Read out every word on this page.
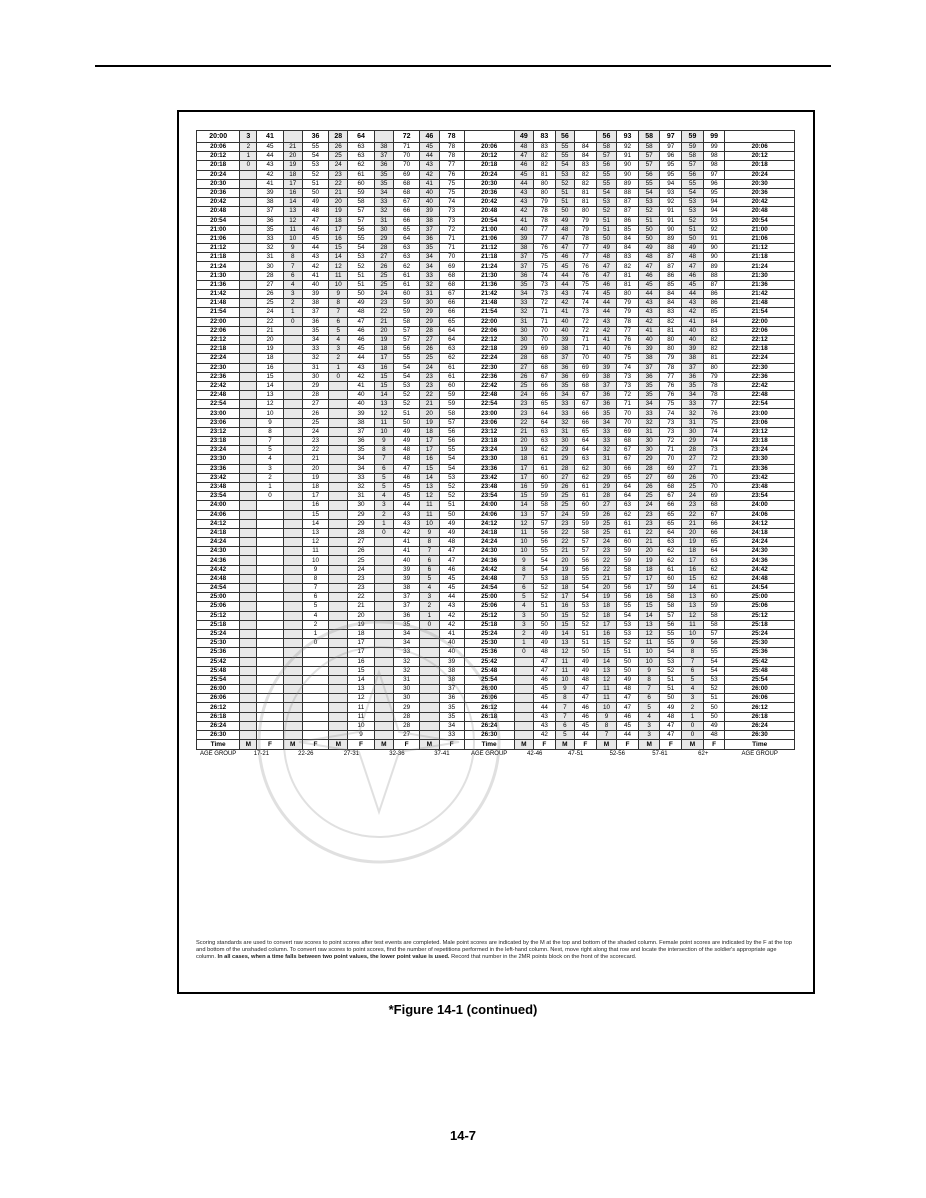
20:00	3	41		36	28	64		72	46	78		49	83	56		56	93	58	97	59	99	
20:06	2	45	21	55	26	63	38	71	45	78	20:06	48	83	55	84	58	92	58	97	59	99	20:06
20:12	1	44	20	54	25	63	37	70	44	78	20:12	47	82	55	84	57	91	57	96	58	98	20:12
20:18	0	43	19	53	24	62	36	70	43	77	20:18	46	82	54	83	56	90	57	95	57	98	20:18
20:24		42	18	52	23	61	35	69	42	76	20:24	45	81	53	82	55	90	56	95	56	97	20:24
20:30		41	17	51	22	60	35	68	41	75	20:30	44	80	52	82	55	89	55	94	55	96	20:30
20:36		39	16	50	21	59	34	68	40	75	20:36	43	80	51	81	54	88	54	93	54	95	20:36
20:42		38	14	49	20	58	33	67	40	74	20:42	43	79	51	81	53	87	53	92	53	94	20:42
20:48		37	13	48	19	57	32	66	39	73	20:48	42	78	50	80	52	87	52	91	53	94	20:48
20:54		36	12	47	18	57	31	66	38	73	20:54	41	78	49	79	51	86	51	91	52	93	20:54
21:00		35	11	46	17	56	30	65	37	72	21:00	40	77	48	79	51	85	50	90	51	92	21:00
21:06		33	10	45	16	55	29	64	36	71	21:06	39	77	47	78	50	84	50	89	50	91	21:06
21:12		32	9	44	15	54	28	63	35	71	21:12	38	76	47	77	49	84	49	88	49	90	21:12
21:18		31	8	43	14	53	27	63	34	70	21:18	37	75	46	77	48	83	48	87	48	90	21:18
21:24		30	7	42	12	52	26	62	34	69	21:24	37	75	45	76	47	82	47	87	47	89	21:24
21:30		28	6	41	11	51	25	61	33	68	21:30	36	74	44	76	47	81	46	86	46	88	21:30
21:36		27	4	40	10	51	25	61	32	68	21:36	35	73	44	75	46	81	45	85	45	87	21:36
21:42		26	3	39	9	50	24	60	31	67	21:42	34	73	43	74	45	80	44	84	44	86	21:42
21:48		25	2	38	8	49	23	59	30	66	21:48	33	72	42	74	44	79	43	84	43	86	21:48
21:54		24	1	37	7	48	22	59	29	66	21:54	32	71	41	73	44	79	43	83	42	85	21:54
22:00		22	0	36	6	47	21	58	29	65	22:00	31	71	40	72	43	78	42	82	41	84	22:00
22:06		21		35	5	46	20	57	28	64	22:06	30	70	40	72	42	77	41	81	40	83	22:06
22:12		20		34	4	46	19	57	27	64	22:12	30	70	39	71	41	76	40	80	40	82	22:12
22:18		19		33	3	45	18	56	26	63	22:18	29	69	38	71	40	76	39	80	39	82	22:18
22:24		18		32	2	44	17	55	25	62	22:24	28	68	37	70	40	75	38	79	38	81	22:24
22:30		16		31	1	43	16	54	24	61	22:30	27	68	36	69	39	74	37	78	37	80	22:30
22:36		15		30	0	42	15	54	23	61	22:36	26	67	36	69	38	73	36	77	36	79	22:36
22:42		14		29		41	15	53	23	60	22:42	25	66	35	68	37	73	35	76	35	78	22:42
22:48		13		28		40	14	52	22	59	22:48	24	66	34	67	36	72	35	76	34	78	22:48
22:54		12		27		40	13	52	21	59	22:54	23	65	33	67	36	71	34	75	33	77	22:54
23:00		10		26		39	12	51	20	58	23:00	23	64	33	66	35	70	33	74	32	76	23:00
23:06		9		25		38	11	50	19	57	23:06	22	64	32	66	34	70	32	73	31	75	23:06
23:12		8		24		37	10	49	18	56	23:12	21	63	31	65	33	69	31	73	30	74	23:12
23:18		7		23		36	9	49	17	56	23:18	20	63	30	64	33	68	30	72	29	74	23:18
23:24		5		22		35	8	48	17	55	23:24	19	62	29	64	32	67	30	71	28	73	23:24
23:30		4		21		34	7	48	16	54	23:30	18	61	29	63	31	67	29	70	27	72	23:30
23:36		3		20		34	6	47	15	54	23:36	17	61	28	62	30	66	28	69	27	71	23:36
23:42		2		19		33	5	46	14	53	23:42	17	60	27	62	29	65	27	69	26	70	23:42
23:48		1		18		32	5	45	13	52	23:48	16	59	26	61	29	64	26	68	25	70	23:48
23:54		0		17		31	4	45	12	52	23:54	15	59	25	61	28	64	25	67	24	69	23:54
24:00				16		30	3	44	11	51	24:00	14	58	25	60	27	63	24	66	23	68	24:00
24:06				15		29	2	43	11	50	24:06	13	57	24	59	26	62	23	65	22	67	24:06
24:12				14		29	1	43	10	49	24:12	12	57	23	59	25	61	23	65	21	66	24:12
24:18				13		28	0	42	9	49	24:18	11	56	22	58	25	61	22	64	20	66	24:18
24:24				12		27		41	8	48	24:24	10	56	22	57	24	60	21	63	19	65	24:24
24:30				11		26		41	7	47	24:30	10	55	21	57	23	59	20	62	18	64	24:30
24:36				10		25		40	6	47	24:36	9	54	20	56	22	59	19	62	17	63	24:36
24:42				9		24		39	6	46	24:42	8	54	19	56	22	58	18	61	16	62	24:42
24:48				8		23		39	5	45	24:48	7	53	18	55	21	57	17	60	15	62	24:48
24:54				7		23		38	4	45	24:54	6	52	18	54	20	56	17	59	14	61	24:54
25:00				6		22		37	3	44	25:00	5	52	17	54	19	56	16	58	13	60	25:00
25:06				5		21		37	2	43	25:06	4	51	16	53	18	55	15	58	13	59	25:06
25:12				4		20		36	1	42	25:12	3	50	15	52	18	54	14	57	12	58	25:12
25:18				2		19		35	0	42	25:18	3	50	15	52	17	53	13	56	11	58	25:18
25:24				1		18		34		41	25:24	2	49	14	51	16	53	12	55	10	57	25:24
25:30				0		17		34		40	25:30	1	49	13	51	15	52	11	55	9	56	25:30
25:36						17		33		40	25:36	0	48	12	50	15	51	10	54	8	55	25:36
25:42						16		32		39	25:42		47	11	49	14	50	10	53	7	54	25:42
25:48						15		32		38	25:48		47	11	49	13	50	9	52	6	54	25:48
25:54						14		31		38	25:54		46	10	48	12	49	8	51	5	53	25:54
26:00						13		30		37	26:00		45	9	47	11	48	7	51	4	52	26:00
26:06						12		30		36	26:06		45	8	47	11	47	6	50	3	51	26:06
26:12						11		29		35	26:12		44	7	46	10	47	5	49	2	50	26:12
26:18						11		28		35	26:18		43	7	46	9	46	4	48	1	50	26:18
26:24						10		28		34	26:24		43	6	45	8	45	3	47	0	49	26:24
26:30						9		27		33	26:30		42	5	44	7	44	3	47	0	48	26:30
Time	M	F	M	F	M	F	M	F	M	F	Time	M	F	M	F	M	F	M	F	M	F	Time
AGE GROUP	17-21		22-26		27-31		32-36		37-41		AGE GROUP	42-46		47-51		52-56		57-61		62+		AGE GROUP
Scoring standards are used to convert raw scores to point scores after test events are completed. Male point scores are indicated by the M at the top and bottom of the shaded column. Female point scores are indicated by the F at the top and bottom of the unshaded column. To convert raw scores to point scores, find the number of repetitions performed in the left-hand column. Next, move right along that row and locate the intersection of the soldier's appropriate age column. In all cases, when a time falls between two point values, the lower point value is used. Record that number in the 2MR points block on the front of the scorecard.
*Figure 14-1 (continued)
14-7
